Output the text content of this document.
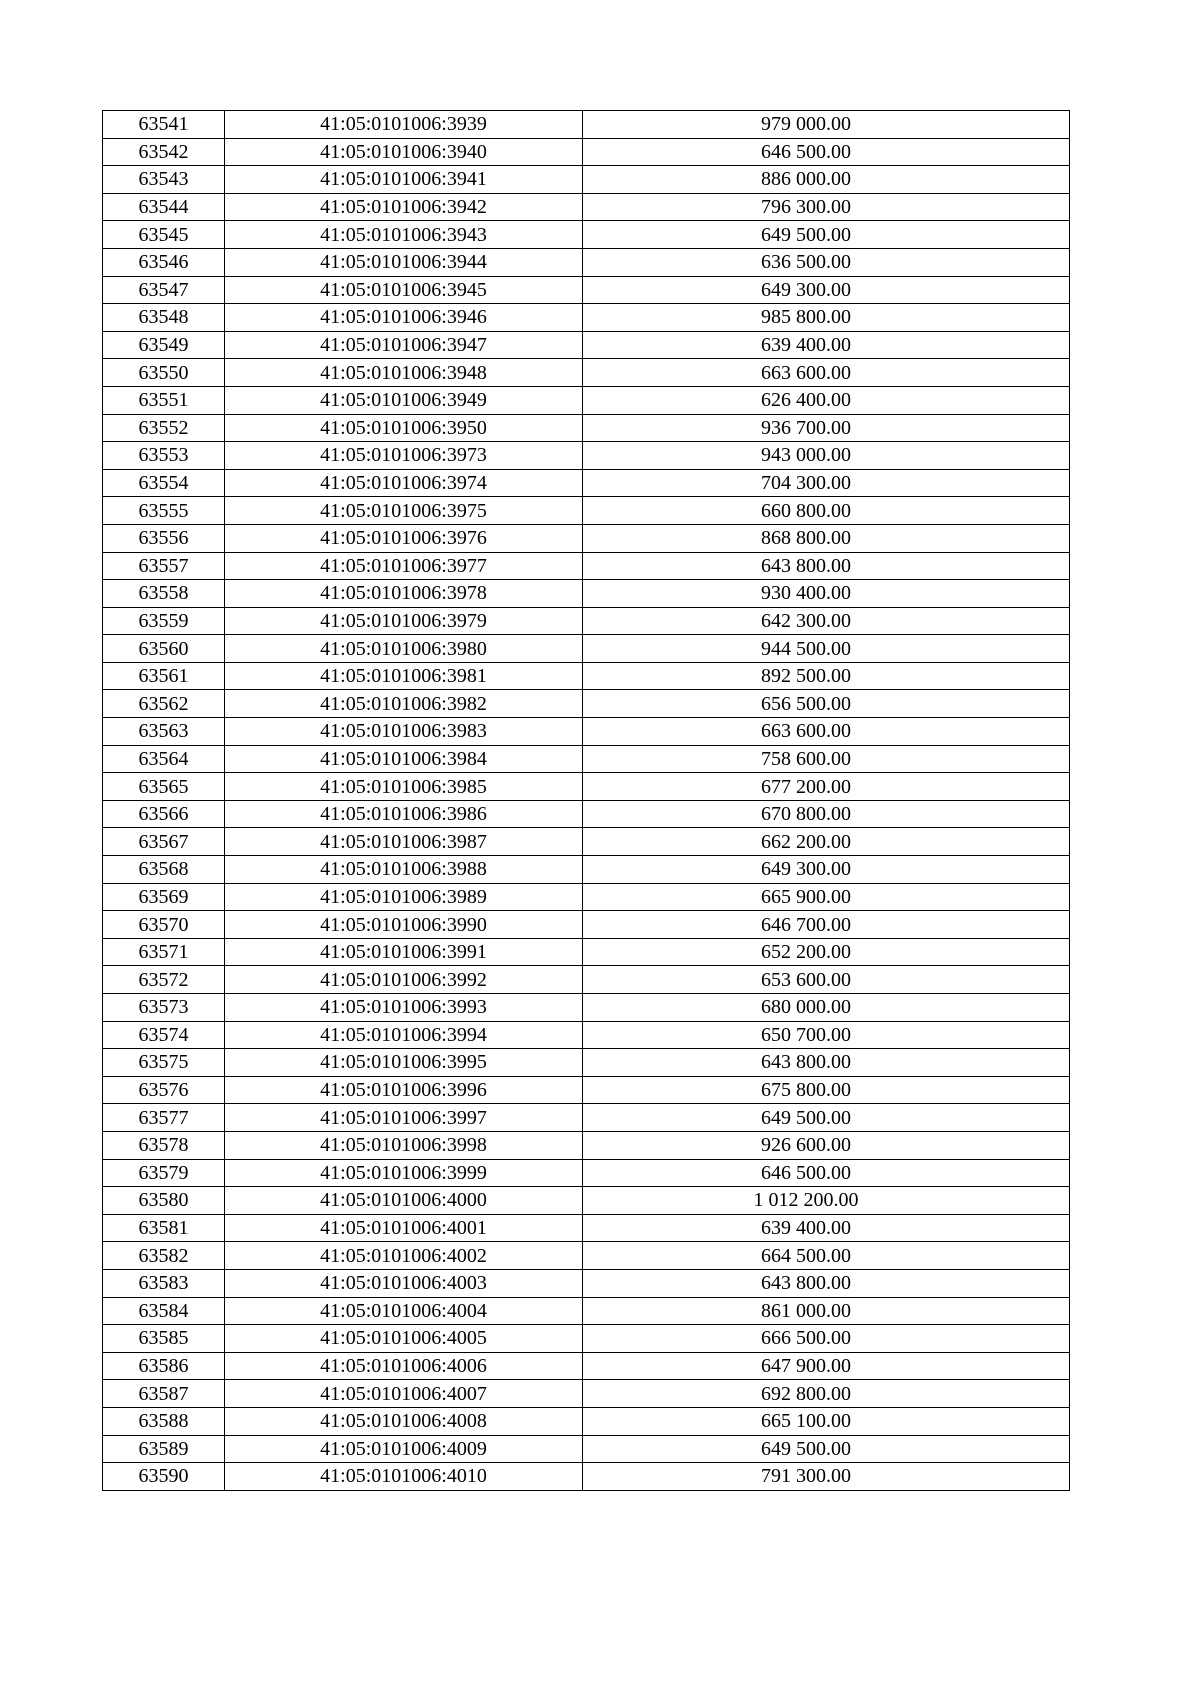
63541	41:05:0101006:3939	979 000.00
63542	41:05:0101006:3940	646 500.00
63543	41:05:0101006:3941	886 000.00
63544	41:05:0101006:3942	796 300.00
63545	41:05:0101006:3943	649 500.00
63546	41:05:0101006:3944	636 500.00
63547	41:05:0101006:3945	649 300.00
63548	41:05:0101006:3946	985 800.00
63549	41:05:0101006:3947	639 400.00
63550	41:05:0101006:3948	663 600.00
63551	41:05:0101006:3949	626 400.00
63552	41:05:0101006:3950	936 700.00
63553	41:05:0101006:3973	943 000.00
63554	41:05:0101006:3974	704 300.00
63555	41:05:0101006:3975	660 800.00
63556	41:05:0101006:3976	868 800.00
63557	41:05:0101006:3977	643 800.00
63558	41:05:0101006:3978	930 400.00
63559	41:05:0101006:3979	642 300.00
63560	41:05:0101006:3980	944 500.00
63561	41:05:0101006:3981	892 500.00
63562	41:05:0101006:3982	656 500.00
63563	41:05:0101006:3983	663 600.00
63564	41:05:0101006:3984	758 600.00
63565	41:05:0101006:3985	677 200.00
63566	41:05:0101006:3986	670 800.00
63567	41:05:0101006:3987	662 200.00
63568	41:05:0101006:3988	649 300.00
63569	41:05:0101006:3989	665 900.00
63570	41:05:0101006:3990	646 700.00
63571	41:05:0101006:3991	652 200.00
63572	41:05:0101006:3992	653 600.00
63573	41:05:0101006:3993	680 000.00
63574	41:05:0101006:3994	650 700.00
63575	41:05:0101006:3995	643 800.00
63576	41:05:0101006:3996	675 800.00
63577	41:05:0101006:3997	649 500.00
63578	41:05:0101006:3998	926 600.00
63579	41:05:0101006:3999	646 500.00
63580	41:05:0101006:4000	1 012 200.00
63581	41:05:0101006:4001	639 400.00
63582	41:05:0101006:4002	664 500.00
63583	41:05:0101006:4003	643 800.00
63584	41:05:0101006:4004	861 000.00
63585	41:05:0101006:4005	666 500.00
63586	41:05:0101006:4006	647 900.00
63587	41:05:0101006:4007	692 800.00
63588	41:05:0101006:4008	665 100.00
63589	41:05:0101006:4009	649 500.00
63590	41:05:0101006:4010	791 300.00
